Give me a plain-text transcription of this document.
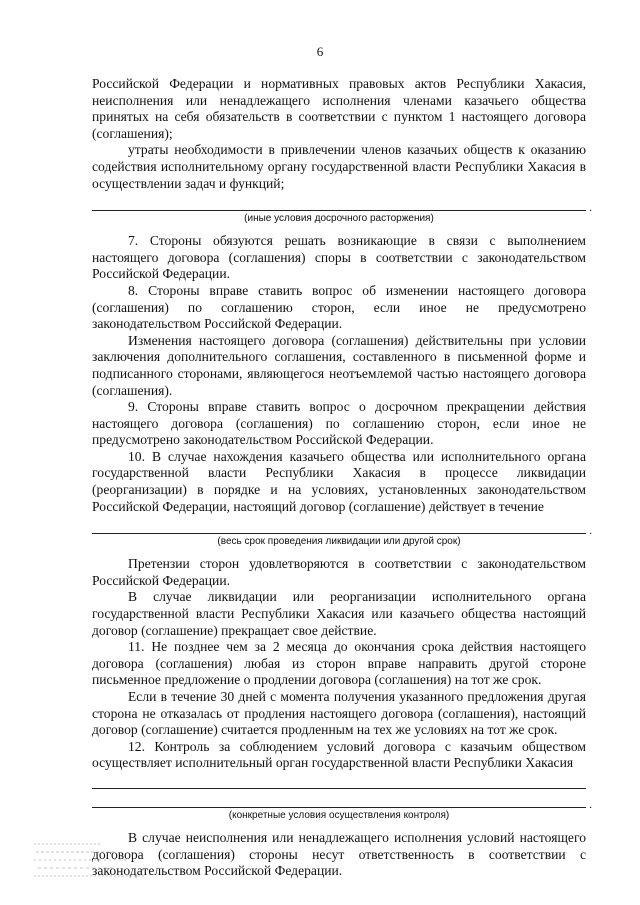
6

Российской Федерации и нормативных правовых актов Республики Хакасия, неисполнения или ненадлежащего исполнения членами казачьего общества принятых на себя обязательств в соответствии с пунктом 1 настоящего договора (соглашения);

утраты необходимости в привлечении членов казачьих обществ к оказанию содействия исполнительному органу государственной власти Республики Хакасия в осуществлении задач и функций;

.
(иные условия досрочного расторжения)

7. Стороны обязуются решать возникающие в связи с выполнением настоящего договора (соглашения) споры в соответствии с законодательством Российской Федерации.

8. Стороны вправе ставить вопрос об изменении настоящего договора (соглашения) по соглашению сторон, если иное не предусмотрено законодательством Российской Федерации.

Изменения настоящего договора (соглашения) действительны при условии заключения дополнительного соглашения, составленного в письменной форме и подписанного сторонами, являющегося неотъемлемой частью настоящего договора (соглашения).

9. Стороны вправе ставить вопрос о досрочном прекращении действия настоящего договора (соглашения) по соглашению сторон, если иное не предусмотрено законодательством Российской Федерации.

10. В случае нахождения казачьего общества или исполнительного органа государственной власти Республики Хакасия в процессе ликвидации (реорганизации) в порядке и на условиях, установленных законодательством Российской Федерации, настоящий договор (соглашение) действует в течение

.
(весь срок проведения ликвидации или другой срок)

Претензии сторон удовлетворяются в соответствии с законодательством Российской Федерации.

В случае ликвидации или реорганизации исполнительного органа государственной власти Республики Хакасия или казачьего общества настоящий договор (соглашение) прекращает свое действие.

11. Не позднее чем за 2 месяца до окончания срока действия настоящего договора (соглашения) любая из сторон вправе направить другой стороне письменное предложение о продлении договора (соглашения) на тот же срок.

Если в течение 30 дней с момента получения указанного предложения другая сторона не отказалась от продления настоящего договора (соглашения), настоящий договор (соглашение) считается продленным на тех же условиях на тот же срок.

12. Контроль за соблюдением условий договора с казачьим обществом осуществляет исполнительный орган государственной власти Республики Хакасия

.
(конкретные условия осуществления контроля)

В случае неисполнения или ненадлежащего исполнения условий настоящего договора (соглашения) стороны несут ответственность в соответствии с законодательством Российской Федерации.
